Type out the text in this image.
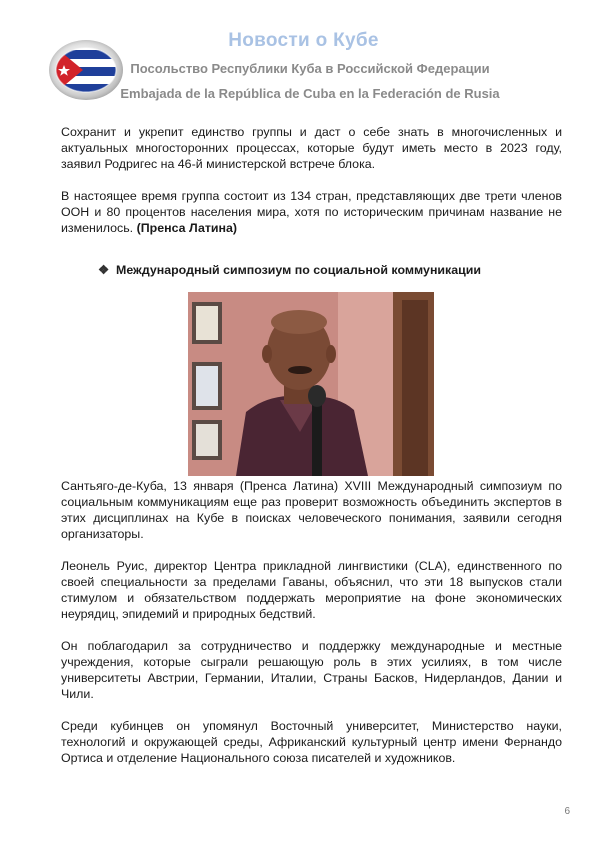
Новости о Кубе
Посольство Республики Куба в Российской Федерации
Embajada de la República de Cuba en la Federación de Rusia

Сохранит и укрепит единство группы и даст о себе знать в многочисленных и актуальных многосторонних процессах, которые будут иметь место в 2023 году, заявил Родригес на 46-й министерской встрече блока.

В настоящее время группа состоит из 134 стран, представляющих две трети членов ООН и 80 процентов населения мира, хотя по историческим причинам название не изменилось. (Пренса Латина)

❖ Международный симпозиум по социальной коммуникации

Сантьяго-де-Куба, 13 января (Пренса Латина) XVIII Международный симпозиум по социальным коммуникациям еще раз проверит возможность объединить экспертов в этих дисциплинах на Кубе в поисках человеческого понимания, заявили сегодня организаторы.

Леонель Руис, директор Центра прикладной лингвистики (CLA), единственного по своей специальности за пределами Гаваны, объяснил, что эти 18 выпусков стали стимулом и обязательством поддержать мероприятие на фоне экономических неурядиц, эпидемий и природных бедствий.

Он поблагодарил за сотрудничество и поддержку международные и местные учреждения, которые сыграли решающую роль в этих усилиях, в том числе университеты Австрии, Германии, Италии, Страны Басков, Нидерландов, Дании и Чили.

Среди кубинцев он упомянул Восточный университет, Министерство науки, технологий и окружающей среды, Африканский культурный центр имени Фернандо Ортиса и отделение Национального союза писателей и художников.

6
